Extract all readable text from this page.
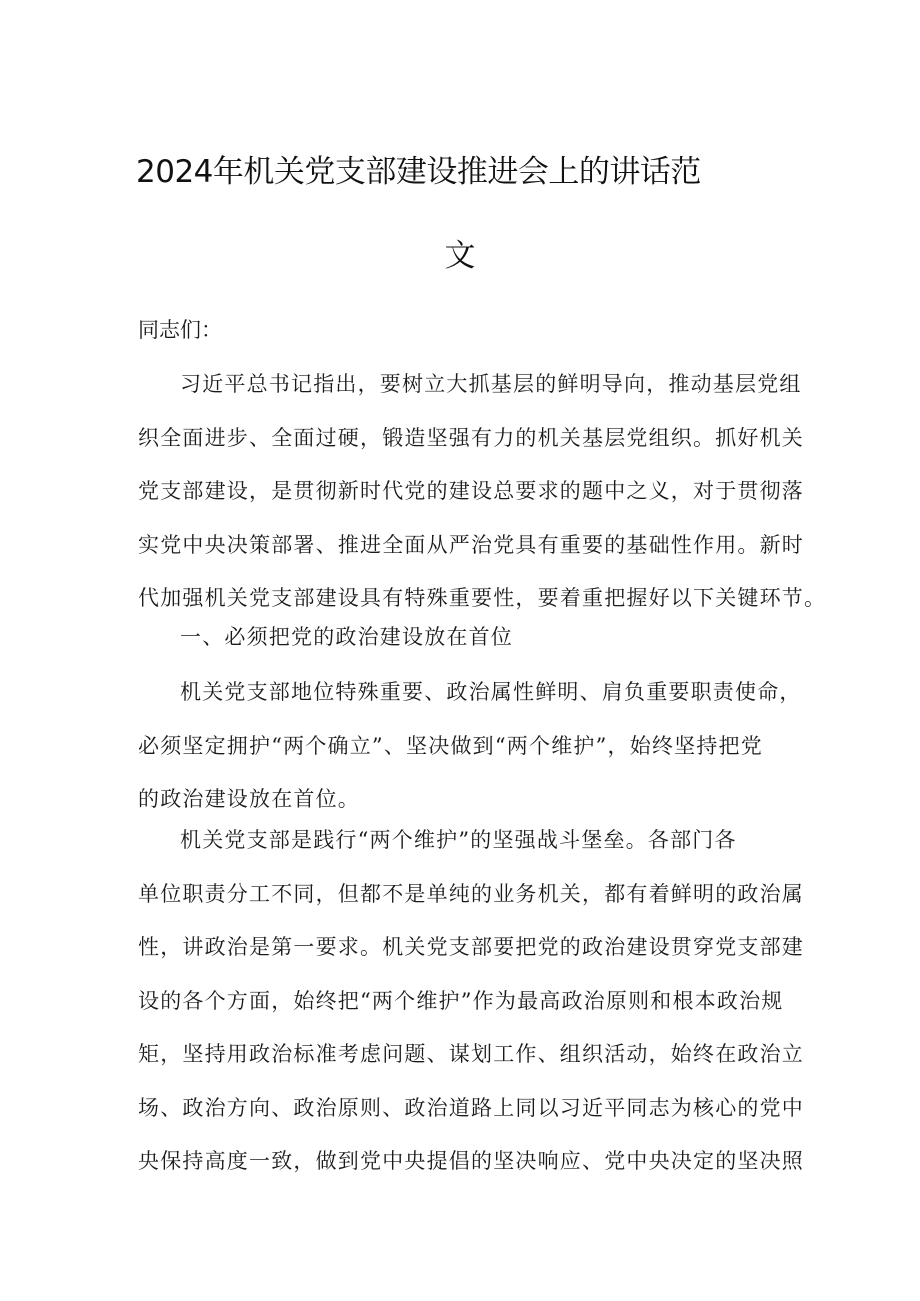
2024年机关党支部建设推进会上的讲话范
文
同志们：
习近平总书记指出，要树立大抓基层的鲜明导向，推动基层党组
织全面进步、全面过硬，锻造坚强有力的机关基层党组织。抓好机关
党支部建设，是贯彻新时代党的建设总要求的题中之义，对于贯彻落
实党中央决策部署、推进全面从严治党具有重要的基础性作用。新时
代加强机关党支部建设具有特殊重要性，要着重把握好以下关键环节。
一、必须把党的政治建设放在首位
机关党支部地位特殊重要、政治属性鲜明、肩负重要职责使命，
必须坚定拥护“两个确立”、坚决做到“两个维护”，始终坚持把党
的政治建设放在首位。
机关党支部是践行“两个维护”的坚强战斗堡垒。各部门各
单位职责分工不同，但都不是单纯的业务机关，都有着鲜明的政治属
性，讲政治是第一要求。机关党支部要把党的政治建设贯穿党支部建
设的各个方面，始终把“两个维护”作为最高政治原则和根本政治规
矩，坚持用政治标准考虑问题、谋划工作、组织活动，始终在政治立
场、政治方向、政治原则、政治道路上同以习近平同志为核心的党中
央保持高度一致，做到党中央提倡的坚决响应、党中央决定的坚决照
